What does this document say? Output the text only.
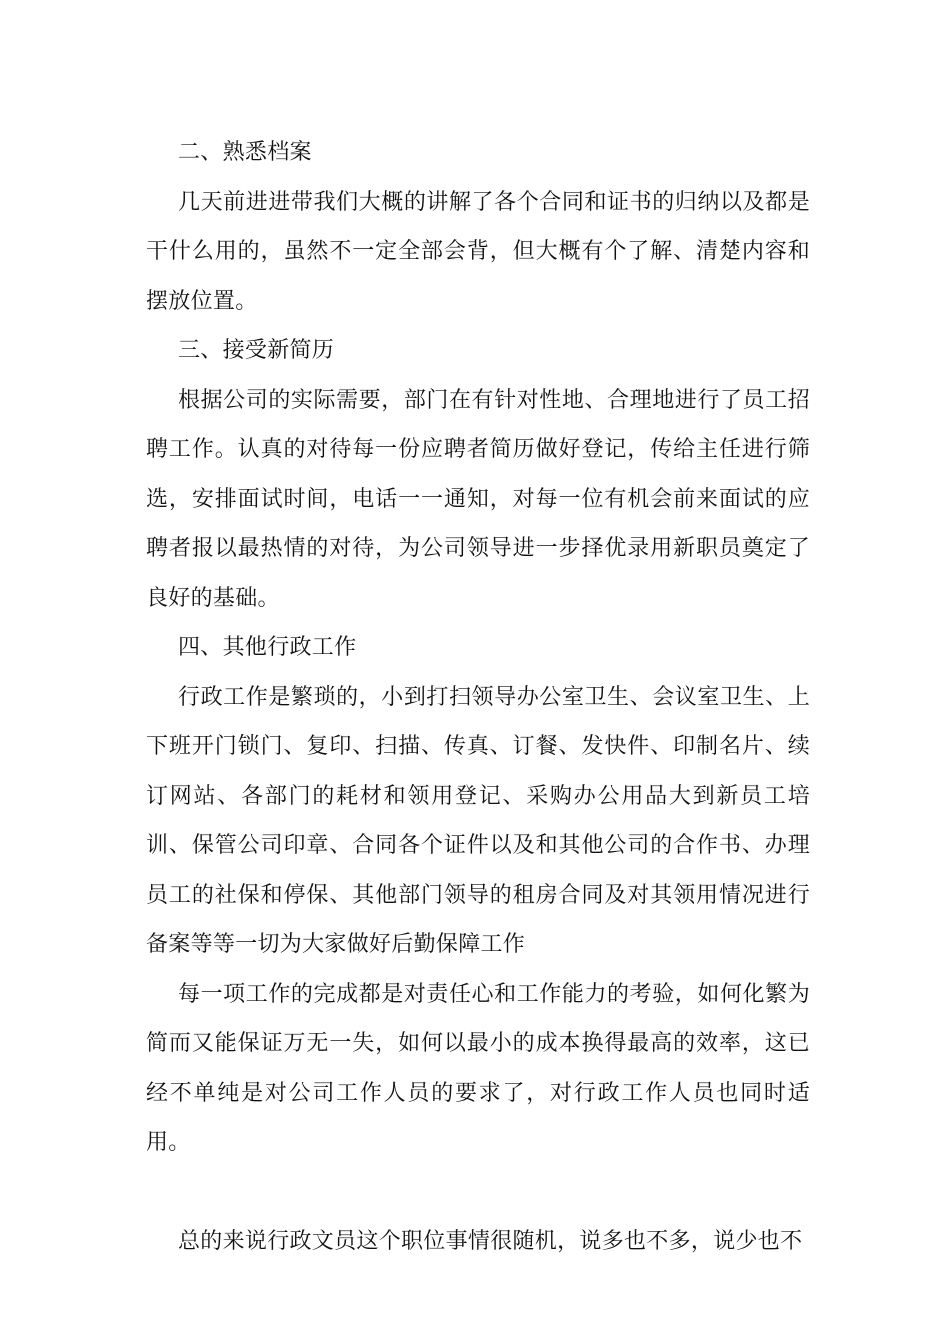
二、熟悉档案

几天前进进带我们大概的讲解了各个合同和证书的归纳以及都是干什么用的，虽然不一定全部会背，但大概有个了解、清楚内容和摆放位置。

三、接受新简历

根据公司的实际需要，部门在有针对性地、合理地进行了员工招聘工作。认真的对待每一份应聘者简历做好登记，传给主任进行筛选，安排面试时间，电话一一通知，对每一位有机会前来面试的应聘者报以最热情的对待，为公司领导进一步择优录用新职员奠定了良好的基础。

四、其他行政工作

行政工作是繁琐的，小到打扫领导办公室卫生、会议室卫生、上下班开门锁门、复印、扫描、传真、订餐、发快件、印制名片、续订网站、各部门的耗材和领用登记、采购办公用品大到新员工培训、保管公司印章、合同各个证件以及和其他公司的合作书、办理员工的社保和停保、其他部门领导的租房合同及对其领用情况进行备案等等一切为大家做好后勤保障工作

每一项工作的完成都是对责任心和工作能力的考验，如何化繁为简而又能保证万无一失，如何以最小的成本换得最高的效率，这已经不单纯是对公司工作人员的要求了，对行政工作人员也同时适用。

总的来说行政文员这个职位事情很随机，说多也不多，说少也不
